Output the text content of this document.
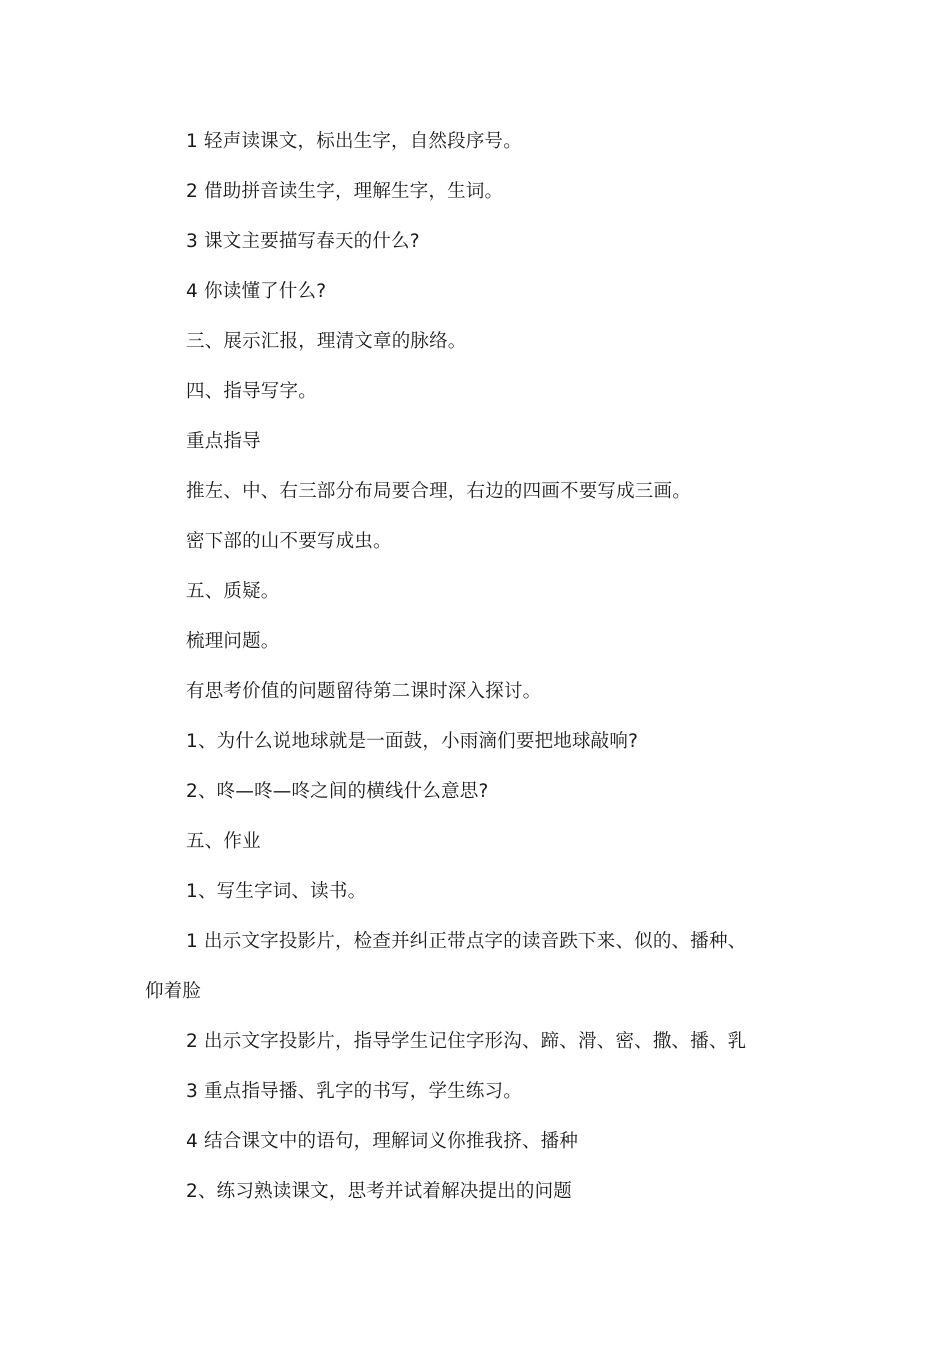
1 轻声读课文，标出生字，自然段序号。
2 借助拼音读生字，理解生字，生词。
3 课文主要描写春天的什么?
4 你读懂了什么?
三、展示汇报，理清文章的脉络。
四、指导写字。
重点指导
推左、中、右三部分布局要合理，右边的四画不要写成三画。
密下部的山不要写成虫。
五、质疑。
梳理问题。
有思考价值的问题留待第二课时深入探讨。
1、为什么说地球就是一面鼓，小雨滴们要把地球敲响?
2、咚—咚—咚之间的横线什么意思?
五、作业
1、写生字词、读书。
1 出示文字投影片，检查并纠正带点字的读音跌下来、似的、播种、
仰着脸
2 出示文字投影片，指导学生记住字形沟、蹄、滑、密、撒、播、乳
3 重点指导播、乳字的书写，学生练习。
4 结合课文中的语句，理解词义你推我挤、播种
2、练习熟读课文，思考并试着解决提出的问题
